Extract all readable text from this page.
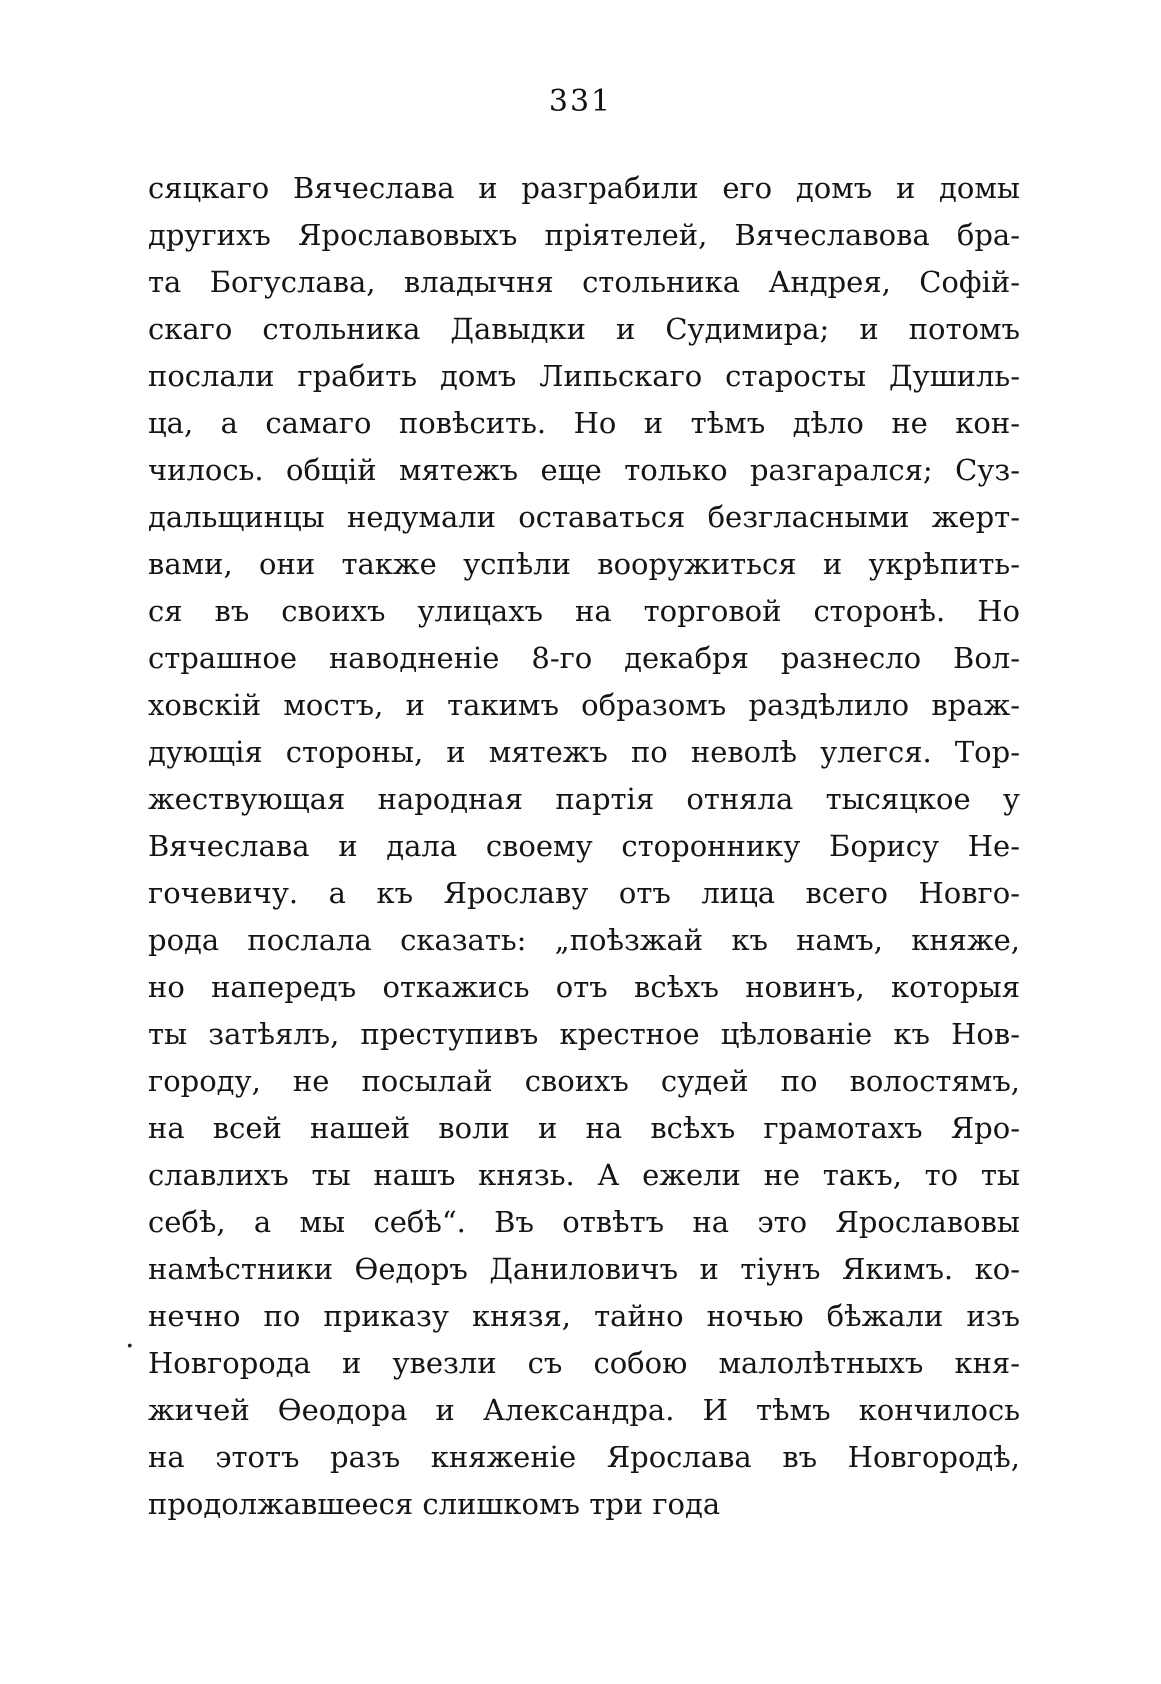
331
.
сяцкаго Вячеслава и разграбили его домъ и домы
другихъ Ярославовыхъ пріятелей, Вячеславова бра-
та Богуслава, владычня стольника Андрея, Софій-
скаго стольника Давыдки и Судимира; и потомъ
послали грабить домъ Липьскаго старосты Душиль-
ца, а самаго повѣсить. Но и тѣмъ дѣло не кон-
чилось. общій мятежъ еще только разгарался; Суз-
дальщинцы недумали оставаться безгласными жерт-
вами, они также успѣли вооружиться и укрѣпить-
ся въ своихъ улицахъ на торговой сторонѣ. Но
страшное наводненіе 8-го декабря разнесло Вол-
ховскій мостъ, и такимъ образомъ раздѣлило враж-
дующія стороны, и мятежъ по неволѣ улегся. Тор-
жествующая народная партія отняла тысяцкое у
Вячеслава и дала своему стороннику Борису Не-
гочевичу. а къ Ярославу отъ лица всего Новго-
рода послала сказать: „поѣзжай къ намъ, княже,
но напередъ откажись отъ всѣхъ новинъ, которыя
ты затѣялъ, преступивъ крестное цѣлованіе къ Нов-
городу, не посылай своихъ судей по волостямъ,
на всей нашей воли и на всѣхъ грамотахъ Яро-
славлихъ ты нашъ князь. А ежели не такъ, то ты
себѣ, а мы себѣ“. Въ отвѣтъ на это Ярославовы
намѣстники Ѳедоръ Даниловичъ и тіунъ Якимъ. ко-
нечно по приказу князя, тайно ночью бѣжали изъ
Новгорода и увезли съ собою малолѣтныхъ кня-
жичей Ѳеодора и Александра. И тѣмъ кончилось
на этотъ разъ княженіе Ярослава въ Новгородѣ,
продолжавшееся слишкомъ три года
